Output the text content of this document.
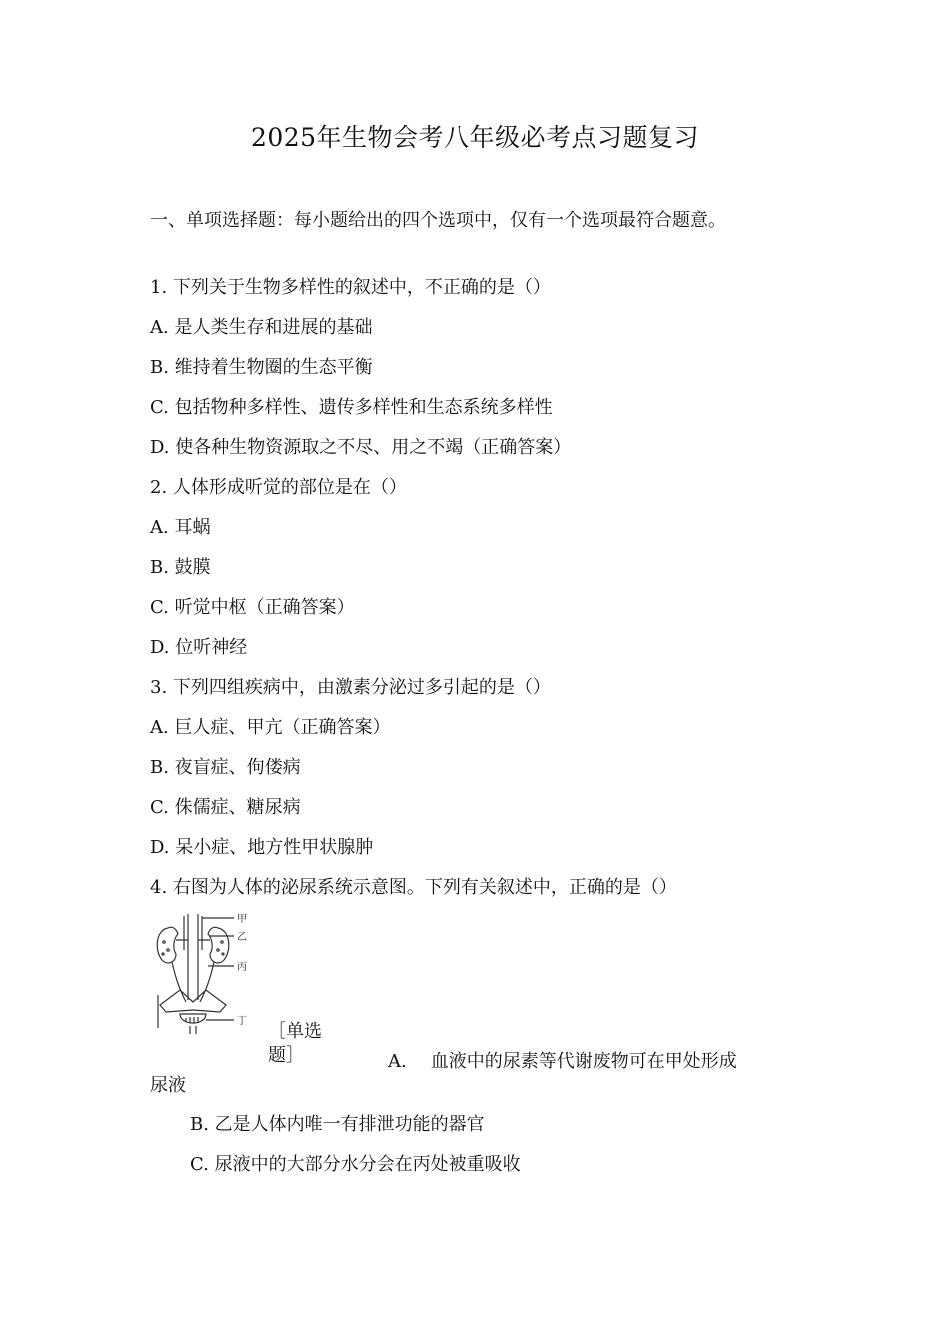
2025年生物会考八年级必考点习题复习
一、单项选择题：每小题给出的四个选项中，仅有一个选项最符合题意。
1. 下列关于生物多样性的叙述中，不正确的是（）
A. 是人类生存和进展的基础
B. 维持着生物圈的生态平衡
C. 包括物种多样性、遗传多样性和生态系统多样性
D. 使各种生物资源取之不尽、用之不竭（正确答案）
2. 人体形成听觉的部位是在（）
A. 耳蜗
B. 鼓膜
C. 听觉中枢（正确答案）
D. 位听神经
3. 下列四组疾病中，由激素分泌过多引起的是（）
A. 巨人症、甲亢（正确答案）
B. 夜盲症、佝偻病
C. 侏儒症、糖尿病
D. 呆小症、地方性甲状腺肿
4. 右图为人体的泌尿系统示意图。下列有关叙述中，正确的是（）
甲
乙
丙
丁 ［单选题］	A. 血液中的尿素等代谢废物可在甲处形成
尿液
B. 乙是人体内唯一有排泄功能的器官
C. 尿液中的大部分水分会在丙处被重吸收
